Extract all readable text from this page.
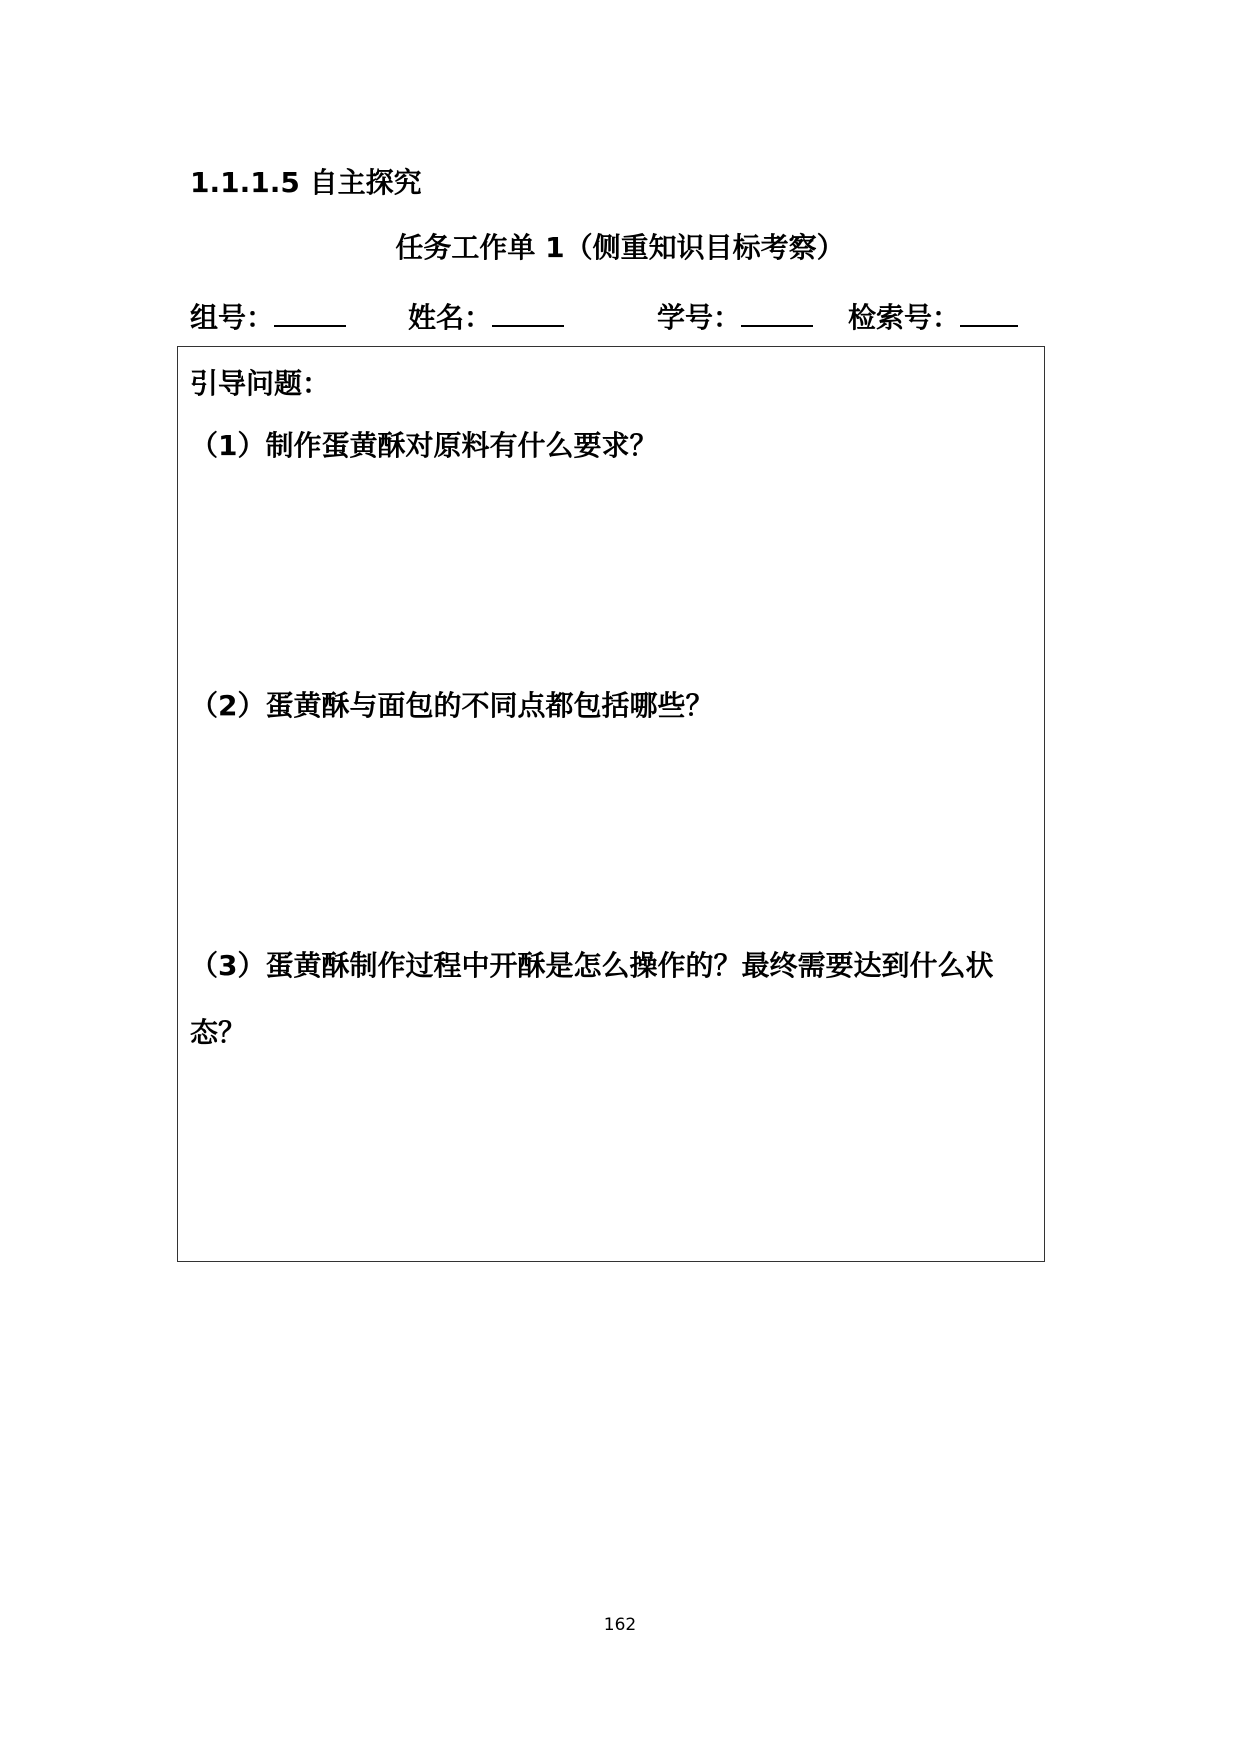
1.1.1.5 自主探究
任务工作单 1（侧重知识目标考察）
组号：	姓名：	学号：	检索号：
引导问题：
（1）制作蛋黄酥对原料有什么要求？
（2）蛋黄酥与面包的不同点都包括哪些？
（3）蛋黄酥制作过程中开酥是怎么操作的？最终需要达到什么状态？
162
